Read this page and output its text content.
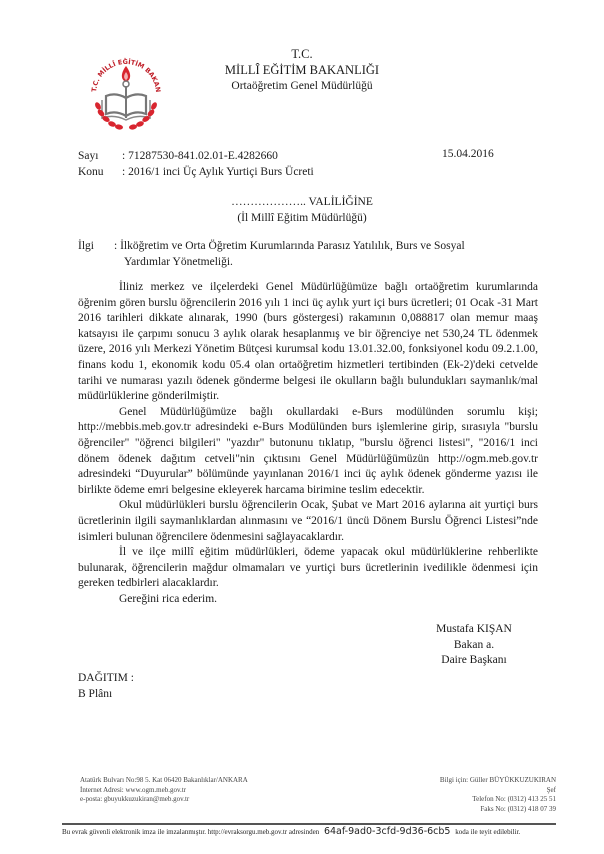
T.C. MİLLÎ EĞİTİM BAKAN
T.C.
MİLLÎ EĞİTİM BAKANLIĞI
Ortaöğretim Genel Müdürlüğü
Sayı : 71287530-841.02.01-E.4282660
Konu : 2016/1 inci Üç Aylık Yurtiçi Burs Ücreti
15.04.2016
……………….. VALİLİĞİNE
(İl Millî Eğitim Müdürlüğü)
İlgi : İlköğretim ve Orta Öğretim Kurumlarında Parasız Yatılılık, Burs ve Sosyal
Yardımlar Yönetmeliği.

İliniz merkez ve ilçelerdeki Genel Müdürlüğümüze bağlı ortaöğretim kurumlarında öğrenim gören burslu öğrencilerin 2016 yılı 1 inci üç aylık yurt içi burs ücretleri; 01 Ocak -31 Mart 2016 tarihleri dikkate alınarak, 1990 (burs göstergesi) rakamının 0,088817 olan memur maaş katsayısı ile çarpımı sonucu 3 aylık olarak hesaplanmış ve bir öğrenciye net 530,24 TL ödenmek üzere, 2016 yılı Merkezi Yönetim Bütçesi kurumsal kodu 13.01.32.00, fonksiyonel kodu 09.2.1.00, finans kodu 1, ekonomik kodu 05.4 olan ortaöğretim hizmetleri tertibinden (Ek-2)'deki cetvelde tarihi ve numarası yazılı ödenek gönderme belgesi ile okulların bağlı bulundukları saymanlık/mal müdürlüklerine gönderilmiştir.

Genel Müdürlüğümüze bağlı okullardaki e-Burs modülünden sorumlu kişi; http://mebbis.meb.gov.tr adresindeki e-Burs Modülünden burs işlemlerine girip, sırasıyla "burslu öğrenciler" "öğrenci bilgileri" "yazdır" butonunu tıklatıp, "burslu öğrenci listesi", "2016/1 inci dönem ödenek dağıtım cetveli"nin çıktısını Genel Müdürlüğümüzün http://ogm.meb.gov.tr adresindeki “Duyurular” bölümünde yayınlanan 2016/1 inci üç aylık ödenek gönderme yazısı ile birlikte ödeme emri belgesine ekleyerek harcama birimine teslim edecektir.

Okul müdürlükleri burslu öğrencilerin Ocak, Şubat ve Mart 2016 aylarına ait yurtiçi burs ücretlerinin ilgili saymanlıklardan alınmasını ve “2016/1 üncü Dönem Burslu Öğrenci Listesi”nde isimleri bulunan öğrencilere ödenmesini sağlayacaklardır.

İl ve ilçe millî eğitim müdürlükleri, ödeme yapacak okul müdürlüklerine rehberlikte bulunarak, öğrencilerin mağdur olmamaları ve yurtiçi burs ücretlerinin ivedilikle ödenmesi için gereken tedbirleri alacaklardır.

Gereğini rica ederim.

Mustafa KIŞAN
Bakan a.
Daire Başkanı
DAĞITIM :
B Plânı
Atatürk Bulvarı No:98 5. Kat 06420 Bakanlıklar/ANKARA
İnternet Adresi: www.ogm.meb.gov.tr
e-posta: gbuyukkuzukiran@meb.gov.tr
Bilgi için: Güller BÜYÜKKUZUKIRAN
Şef
Telefon No: (0312) 413 25 51
Faks No: (0312) 418 07 39
Bu evrak güvenli elektronik imza ile imzalanmıştır. http://evraksorgu.meb.gov.tr adresinden 64af-9ad0-3cfd-9d36-6cb5 koda ile teyit edilebilir.
